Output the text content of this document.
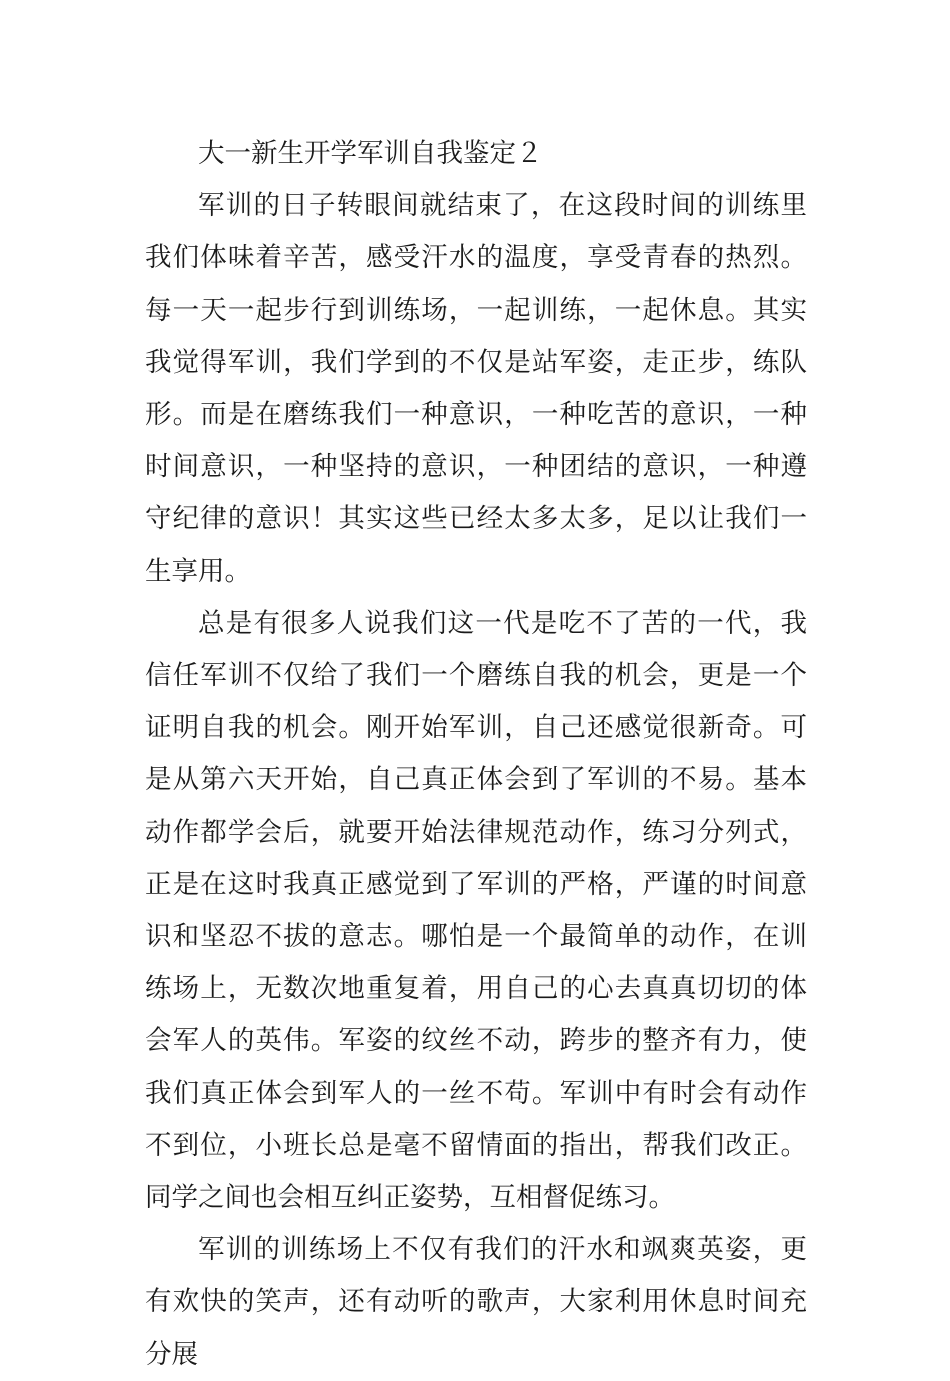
大一新生开学军训自我鉴定２

军训的日子转眼间就结束了，在这段时间的训练里我们体味着辛苦，感受汗水的温度，享受青春的热烈。每一天一起步行到训练场，一起训练，一起休息。其实我觉得军训，我们学到的不仅是站军姿，走正步，练队形。而是在磨练我们一种意识，一种吃苦的意识，一种时间意识，一种坚持的意识，一种团结的意识，一种遵守纪律的意识！其实这些已经太多太多，足以让我们一生享用。

总是有很多人说我们这一代是吃不了苦的一代，我信任军训不仅给了我们一个磨练自我的机会，更是一个证明自我的机会。刚开始军训，自己还感觉很新奇。可是从第六天开始，自己真正体会到了军训的不易。基本动作都学会后，就要开始法律规范动作，练习分列式，正是在这时我真正感觉到了军训的严格，严谨的时间意识和坚忍不拔的意志。哪怕是一个最简单的动作，在训练场上，无数次地重复着，用自己的心去真真切切的体会军人的英伟。军姿的纹丝不动，跨步的整齐有力，使我们真正体会到军人的一丝不苟。军训中有时会有动作不到位，小班长总是毫不留情面的指出，帮我们改正。同学之间也会相互纠正姿势，互相督促练习。

军训的训练场上不仅有我们的汗水和飒爽英姿，更有欢快的笑声，还有动听的歌声，大家利用休息时间充分展
